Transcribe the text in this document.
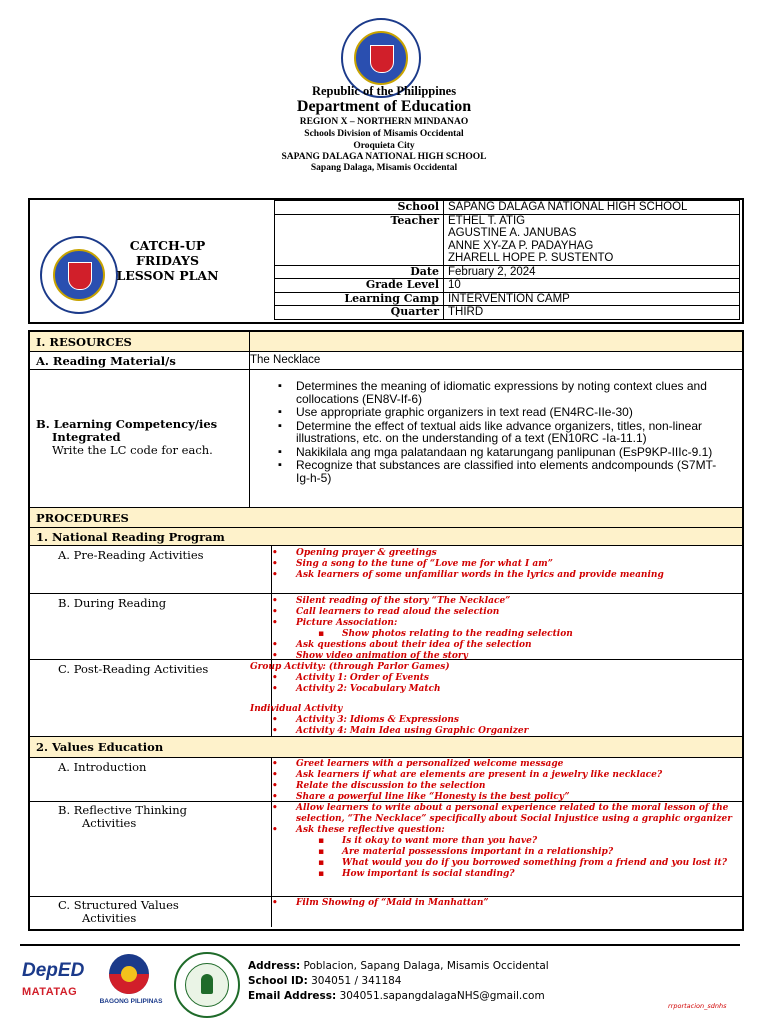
Republic of the Philippines
Department of Education
REGION X – NORTHERN MINDANAO
Schools Division of Misamis Occidental
Oroquieta City
SAPANG DALAGA NATIONAL HIGH SCHOOL
Sapang Dalaga, Misamis Occidental
CATCH-UP
FRIDAYS
LESSON PLAN
School	SAPANG DALAGA NATIONAL HIGH SCHOOL
Teacher	ETHEL T. ATIG
AGUSTINE A. JANUBAS
ANNE XY-ZA P. PADAYHAG
ZHARELL HOPE P. SUSTENTO

Date	February 2, 2024
Grade Level	10
Learning Camp	INTERVENTION CAMP
Quarter	THIRD
I. RESOURCES
A. Reading Material/s	The Necklace
B. Learning Competency/ies
Integrated
Write the LC code for each.
▪ Determines the meaning of idiomatic expressions by noting context clues and collocations (EN8V-If-6)
▪ Use appropriate graphic organizers in text read (EN4RC-IIe-30)
▪ Determine the effect of textual aids like advance organizers, titles, non-linear illustrations, etc. on the understanding of a text (EN10RC -Ia-11.1)
▪ Nakikilala ang mga palatandaan ng katarungang panlipunan (EsP9KP-IIIc-9.1)
▪ Recognize that substances are classified into elements andcompounds (S7MT- Ig-h-5)
PROCEDURES
1. National Reading Program
A. Pre-Reading Activities	• Opening prayer & greetings
• Sing a song to the tune of “Love me for what I am”
• Ask learners of some unfamiliar words in the lyrics and provide meaning
B. During Reading	• Silent reading of the story “The Necklace”
• Call learners to read aloud the selection
• Picture Association:
▪ Show photos relating to the reading selection
• Ask questions about their idea of the selection
• Show video animation of the story
C. Post-Reading Activities	Group Activity: (through Parlor Games)
• Activity 1: Order of Events
• Activity 2: Vocabulary Match
Individual Activity
• Activity 3: Idioms & Expressions
• Activity 4: Main Idea using Graphic Organizer
2. Values Education
A. Introduction	• Greet learners with a personalized welcome message
• Ask learners if what are elements are present in a jewelry like necklace?
• Relate the discussion to the selection
• Share a powerful line like “Honesty is the best policy”
B. Reflective Thinking
Activities
• Allow learners to write about a personal experience related to the moral lesson of the selection, “The Necklace” specifically about Social Injustice using a graphic organizer
• Ask these reflective question:
▪ Is it okay to want more than you have?
▪ Are material possessions important in a relationship?
▪ What would you do if you borrowed something from a friend and you lost it?
▪ How important is social standing?
C. Structured Values
Activities
• Film Showing of “Maid in Manhattan”
DepED
MATATAG
BAGONG PILIPINAS
Address: Poblacion, Sapang Dalaga, Misamis Occidental
School ID: 304051 / 341184
Email Address: 304051.sapangdalagaNHS@gmail.com
rrportacion_sdnhs
